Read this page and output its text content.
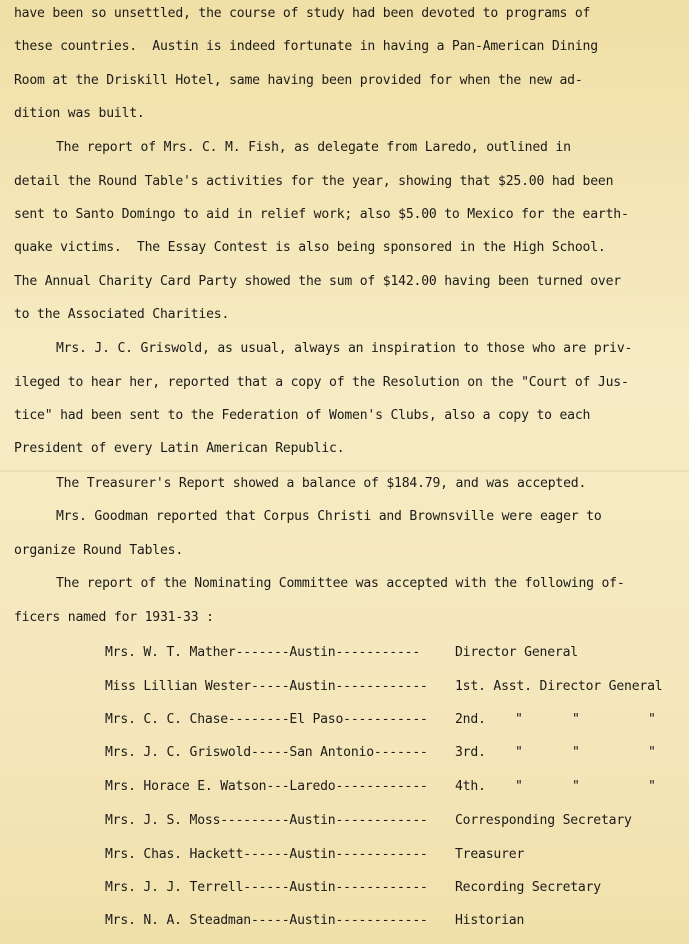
have been so unsettled, the course of study had been devoted to programs of
these countries.  Austin is indeed fortunate in having a Pan-American Dining
Room at the Driskill Hotel, same having been provided for when the new ad-
dition was built.
The report of Mrs. C. M. Fish, as delegate from Laredo, outlined in
detail the Round Table's activities for the year, showing that $25.00 had been
sent to Santo Domingo to aid in relief work; also $5.00 to Mexico for the earth-
quake victims.  The Essay Contest is also being sponsored in the High School.
The Annual Charity Card Party showed the sum of $142.00 having been turned over
to the Associated Charities.
Mrs. J. C. Griswold, as usual, always an inspiration to those who are priv-
ileged to hear her, reported that a copy of the Resolution on the "Court of Jus-
tice" had been sent to the Federation of Women's Clubs, also a copy to each
President of every Latin American Republic.
The Treasurer's Report showed a balance of $184.79, and was accepted.
Mrs. Goodman reported that Corpus Christi and Brownsville were eager to
organize Round Tables.
The report of the Nominating Committee was accepted with the following of-
ficers named for 1931-33 :
Mrs. W. T. Mather-------Austin-----------	Director General
Miss Lillian Wester-----Austin------------ 1st. Asst. Director General
Mrs. C. C. Chase--------El Paso----------- 2nd. "	"	"
Mrs. J. C. Griswold-----San Antonio------- 3rd. "	"	"
Mrs. Horace E. Watson---Laredo------------ 4th. "	"	"
Mrs. J. S. Moss---------Austin------------ Corresponding Secretary
Mrs. Chas. Hackett------Austin------------ Treasurer
Mrs. J. J. Terrell------Austin------------ Recording Secretary
Mrs. N. A. Steadman-----Austin------------ Historian
